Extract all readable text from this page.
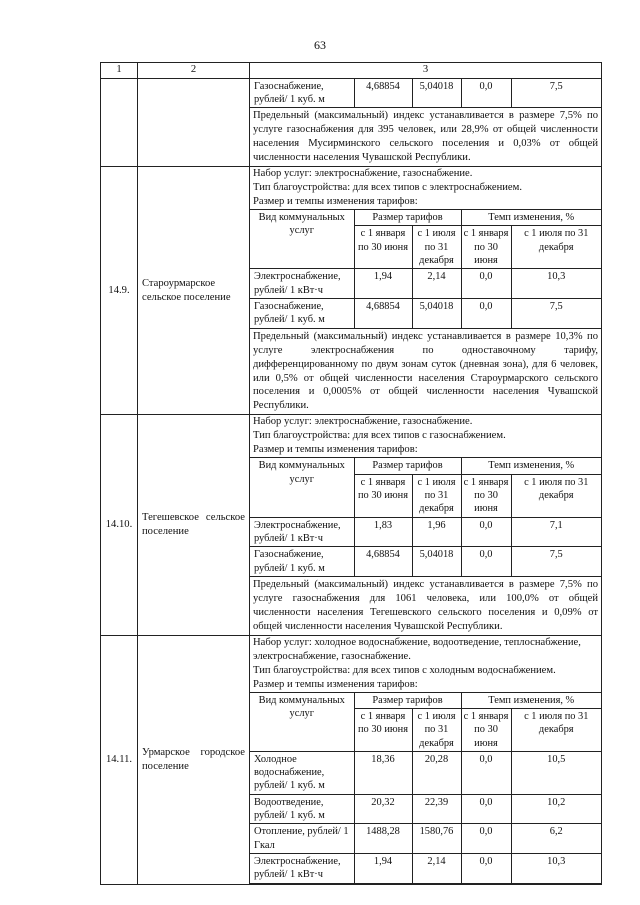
63
1	2	3

Газоснабжение, рублей/ 1 куб. м	4,68854	5,04018	0,0	7,5
Предельный (максимальный) индекс устанавливается в размере 7,5% по услуге газоснабжения для 395 человек, или 28,9% от общей численности населения Мусирминского сельского поселения и 0,03% от общей численности населения Чувашской Республики.

14.9.	Староурмарское сельское поселение	
Набор услуг: электроснабжение, газоснабжение.
Тип благоустройства: для всех типов с электроснабжением.
Размер и темпы изменения тарифов:
Вид коммунальных услуг	Размер тарифов	Темп изменения, %
с 1 января по 30 июня	с 1 июля по 31 декабря	с 1 января по 30 июня	с 1 июля по 31 декабря
Электроснабжение, рублей/ 1 кВт·ч	1,94	2,14	0,0	10,3
Газоснабжение, рублей/ 1 куб. м	4,68854	5,04018	0,0	7,5
Предельный (максимальный) индекс устанавливается в размере 10,3% по услуге электроснабжения по одноставочному тарифу, дифференцированному по двум зонам суток (дневная зона), для 6 человек, или 0,5% от общей численности населения Староурмарского сельского поселения и 0,0005% от общей численности населения Чувашской Республики.

14.10.	Тегешевское сельское поселение	
Набор услуг: электроснабжение, газоснабжение.
Тип благоустройства: для всех типов с газоснабжением.
Размер и темпы изменения тарифов:
Вид коммунальных услуг	Размер тарифов	Темп изменения, %
с 1 января по 30 июня	с 1 июля по 31 декабря	с 1 января по 30 июня	с 1 июля по 31 декабря
Электроснабжение, рублей/ 1 кВт·ч	1,83	1,96	0,0	7,1
Газоснабжение, рублей/ 1 куб. м	4,68854	5,04018	0,0	7,5
Предельный (максимальный) индекс устанавливается в размере 7,5% по услуге газоснабжения для 1061 человека, или 100,0% от общей численности населения Тегешевского сельского поселения и 0,09% от общей численности населения Чувашской Республики.

14.11.	Урмарское городское поселение	
Набор услуг: холодное водоснабжение, водоотведение, теплоснабжение, электроснабжение, газоснабжение.
Тип благоустройства: для всех типов с холодным водоснабжением.
Размер и темпы изменения тарифов:
Вид коммунальных услуг	Размер тарифов	Темп изменения, %
с 1 января по 30 июня	с 1 июля по 31 декабря	с 1 января по 30 июня	с 1 июля по 31 декабря
Холодное водоснабжение, рублей/ 1 куб. м	18,36	20,28	0,0	10,5
Водоотведение, рублей/ 1 куб. м	20,32	22,39	0,0	10,2
Отопление, рублей/ 1 Гкал	1488,28	1580,76	0,0	6,2
Электроснабжение, рублей/ 1 кВт·ч	1,94	2,14	0,0	10,3
